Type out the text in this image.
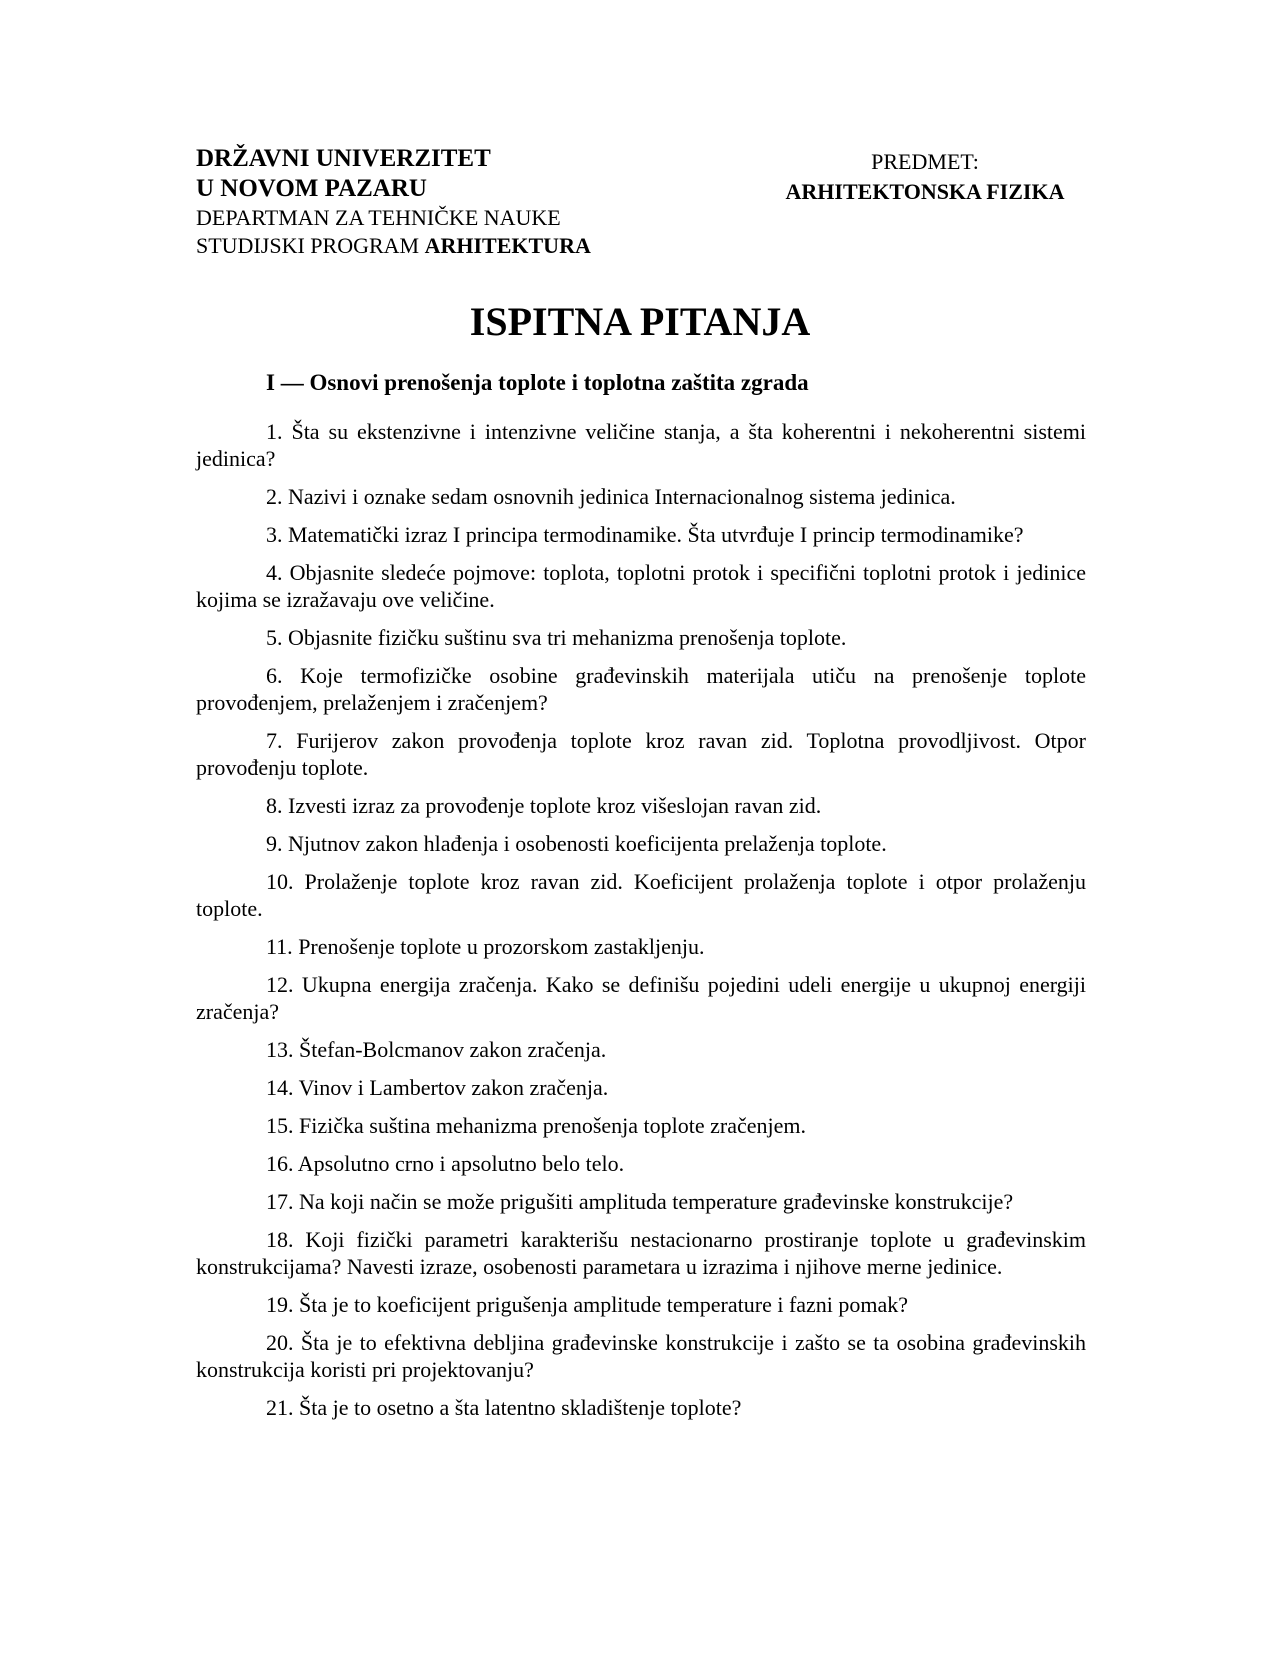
DRŽAVNI UNIVERZITET
U NOVOM PAZARU
DEPARTMAN ZA TEHNIČKE NAUKE
STUDIJSKI PROGRAM ARHITEKTURA
PREDMET:
ARHITEKTONSKA FIZIKA
ISPITNA PITANJA
I — Osnovi prenošenja toplote i toplotna zaštita zgrada
1. Šta su ekstenzivne i intenzivne veličine stanja, a šta koherentni i nekoherentni sistemi jedinica?
2. Nazivi i oznake sedam osnovnih jedinica Internacionalnog sistema jedinica.
3. Matematički izraz I principa termodinamike. Šta utvrđuje I princip termodinamike?
4. Objasnite sledeće pojmove: toplota, toplotni protok i specifični toplotni protok i jedinice kojima se izražavaju ove veličine.
5. Objasnite fizičku suštinu sva tri mehanizma prenošenja toplote.
6. Koje termofizičke osobine građevinskih materijala utiču na prenošenje toplote provođenjem, prelaženjem i zračenjem?
7. Furijerov zakon provođenja toplote kroz ravan zid. Toplotna provodljivost. Otpor provođenju toplote.
8. Izvesti izraz za provođenje toplote kroz višeslojan ravan zid.
9. Njutnov zakon hlađenja i osobenosti koeficijenta prelaženja toplote.
10. Prolaženje toplote kroz ravan zid. Koeficijent prolaženja toplote i otpor prolaženju toplote.
11. Prenošenje toplote u prozorskom zastakljenju.
12. Ukupna energija zračenja. Kako se definišu pojedini udeli energije u ukupnoj energiji zračenja?
13. Štefan-Bolcmanov zakon zračenja.
14. Vinov i Lambertov zakon zračenja.
15. Fizička suština mehanizma prenošenja toplote zračenjem.
16. Apsolutno crno i apsolutno belo telo.
17. Na koji način se može prigušiti amplituda temperature građevinske konstrukcije?
18. Koji fizički parametri karakterišu nestacionarno prostiranje toplote u građevinskim konstrukcijama? Navesti izraze, osobenosti parametara u izrazima i njihove merne jedinice.
19. Šta je to koeficijent prigušenja amplitude temperature i fazni pomak?
20. Šta je to efektivna debljina građevinske konstrukcije i zašto se ta osobina građevinskih konstrukcija koristi pri projektovanju?
21. Šta je to osetno a šta latentno skladištenje toplote?
